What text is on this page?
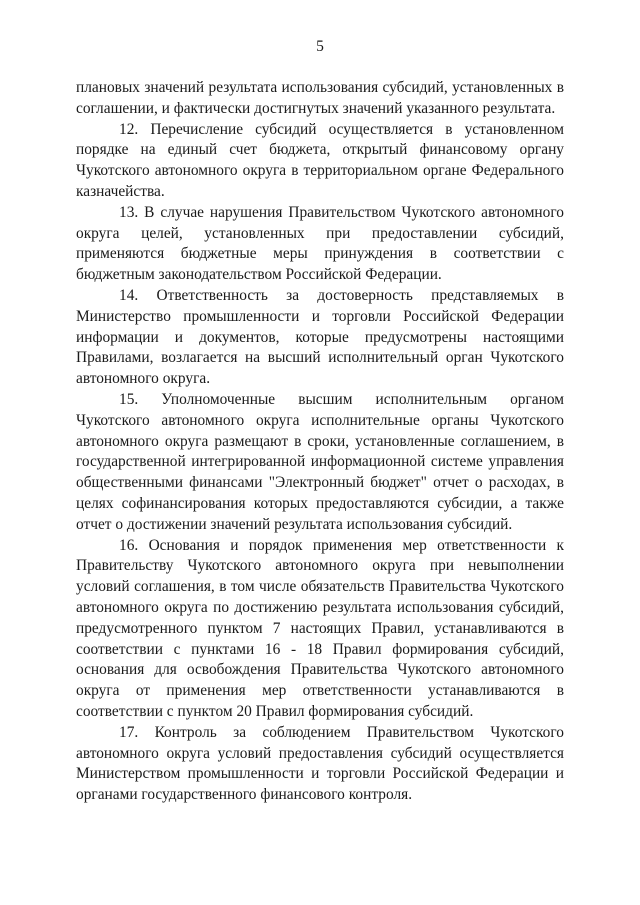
5

плановых значений результата использования субсидий, установленных в соглашении, и фактически достигнутых значений указанного результата.

12. Перечисление субсидий осуществляется в установленном порядке на единый счет бюджета, открытый финансовому органу Чукотского автономного округа в территориальном органе Федерального казначейства.

13. В случае нарушения Правительством Чукотского автономного округа целей, установленных при предоставлении субсидий, применяются бюджетные меры принуждения в соответствии с бюджетным законодательством Российской Федерации.

14. Ответственность за достоверность представляемых в Министерство промышленности и торговли Российской Федерации информации и документов, которые предусмотрены настоящими Правилами, возлагается на высший исполнительный орган Чукотского автономного округа.

15. Уполномоченные высшим исполнительным органом Чукотского автономного округа исполнительные органы Чукотского автономного округа размещают в сроки, установленные соглашением, в государственной интегрированной информационной системе управления общественными финансами "Электронный бюджет" отчет о расходах, в целях софинансирования которых предоставляются субсидии, а также отчет о достижении значений результата использования субсидий.

16. Основания и порядок применения мер ответственности к Правительству Чукотского автономного округа при невыполнении условий соглашения, в том числе обязательств Правительства Чукотского автономного округа по достижению результата использования субсидий, предусмотренного пунктом 7 настоящих Правил, устанавливаются в соответствии с пунктами 16 - 18 Правил формирования субсидий, основания для освобождения Правительства Чукотского автономного округа от применения мер ответственности устанавливаются в соответствии с пунктом 20 Правил формирования субсидий.

17. Контроль за соблюдением Правительством Чукотского автономного округа условий предоставления субсидий осуществляется Министерством промышленности и торговли Российской Федерации и органами государственного финансового контроля.
